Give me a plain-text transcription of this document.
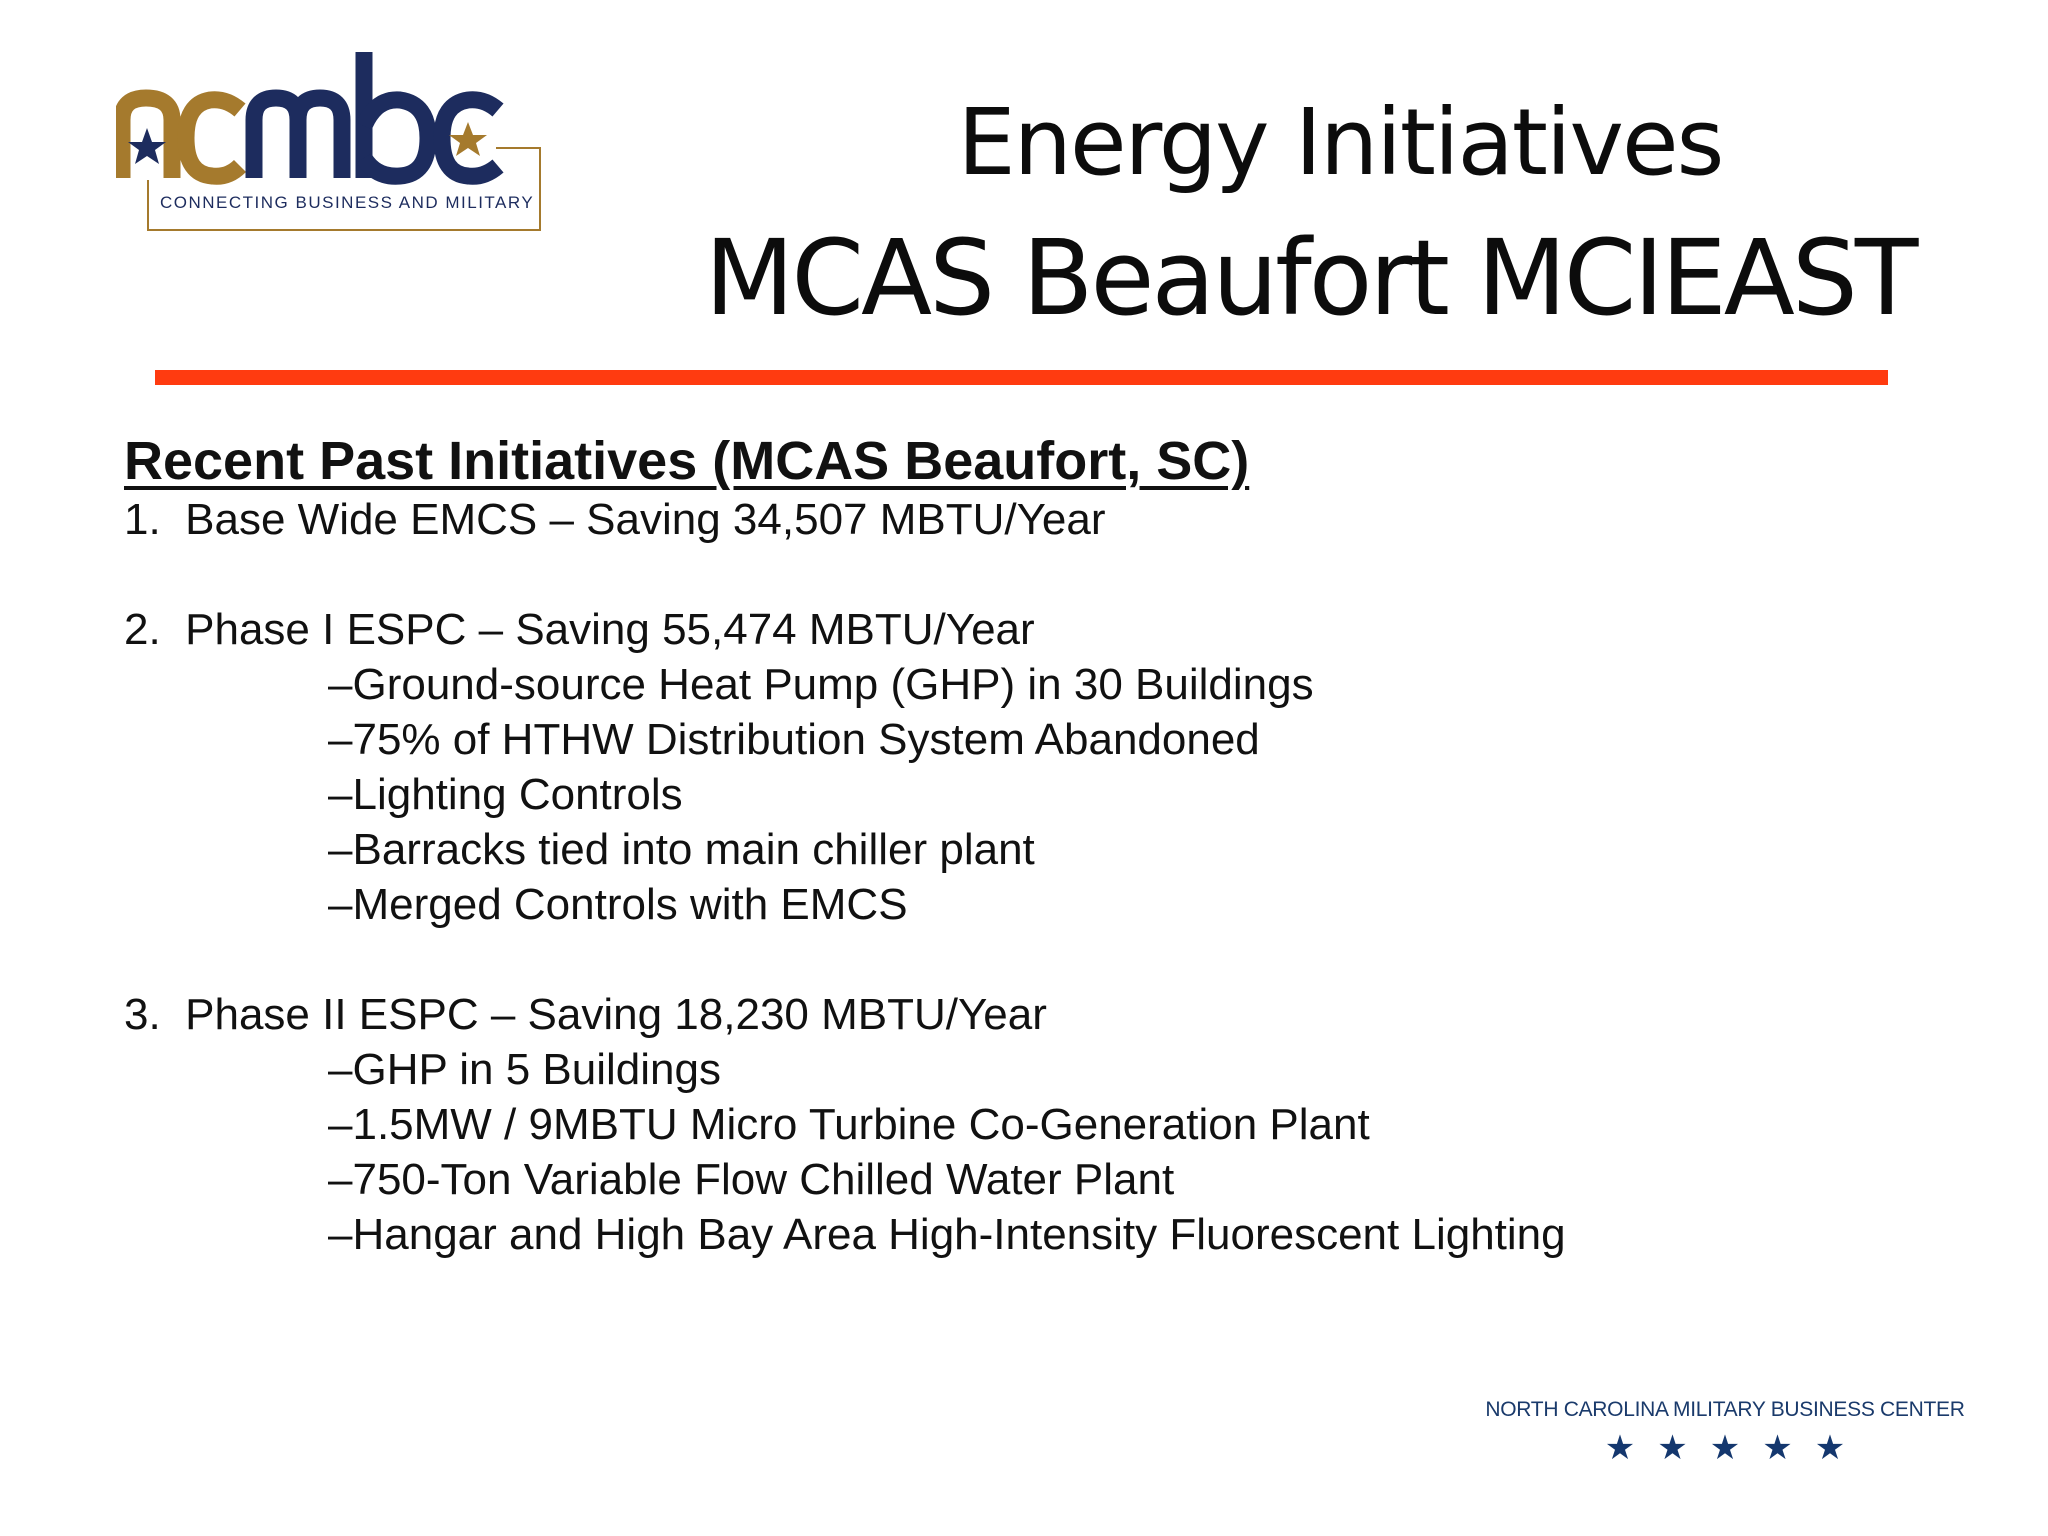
CONNECTING BUSINESS AND MILITARY
Energy Initiatives
MCAS Beaufort MCIEAST

Recent Past Initiatives (MCAS Beaufort, SC)

1.  Base Wide EMCS – Saving 34,507 MBTU/Year

2.  Phase I ESPC – Saving 55,474 MBTU/Year

–Ground-source Heat Pump (GHP) in 30 Buildings

–75% of HTHW Distribution System Abandoned

–Lighting Controls

–Barracks tied into main chiller plant

–Merged Controls with EMCS

3.  Phase II ESPC – Saving 18,230 MBTU/Year

–GHP in 5 Buildings

–1.5MW / 9MBTU Micro Turbine Co-Generation Plant

–750-Ton Variable Flow Chilled Water Plant

–Hangar and High Bay Area High-Intensity Fluorescent Lighting

NORTH CAROLINA MILITARY BUSINESS CENTER
★★★★★
